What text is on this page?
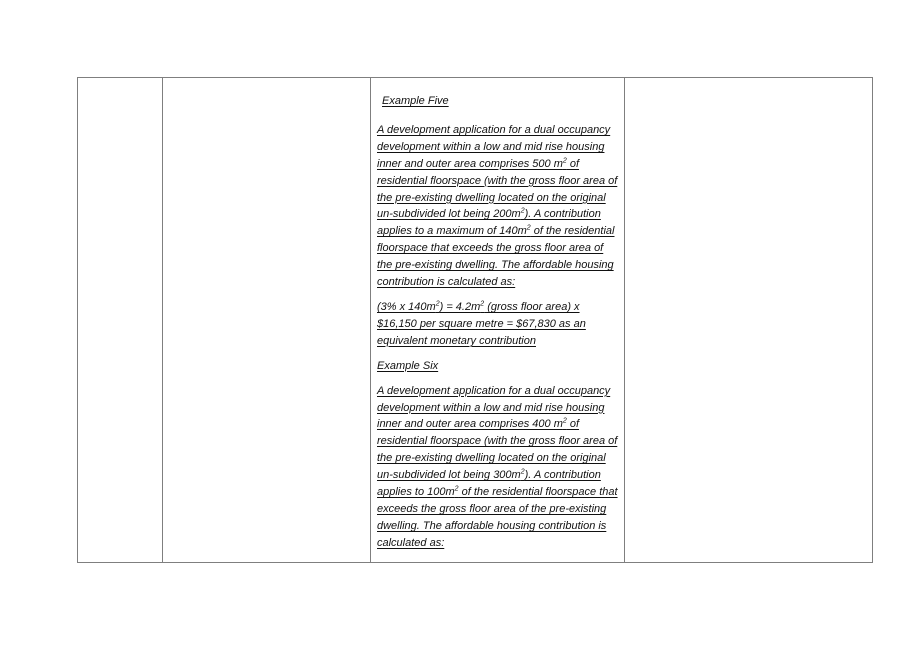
Example Five

A development application for a dual occupancy development within a low and mid rise housing inner and outer area comprises 500 $m^2$ of residential floorspace (with the gross floor area of the pre-existing dwelling located on the original un-subdivided lot being $200m^2$). A contribution applies to a maximum of $140m^2$ of the residential floorspace that exceeds the gross floor area of the pre-existing dwelling. The affordable housing contribution is calculated as:

(3% x $140m^2) = 4.2m^2$ (gross floor area) x $16,150 per square metre = $67,830 as an equivalent monetary contribution

Example Six

A development application for a dual occupancy development within a low and mid rise housing inner and outer area comprises 400 $m^2$ of residential floorspace (with the gross floor area of the pre-existing dwelling located on the original un-subdivided lot being $300m^2$). A contribution applies to $100m^2$ of the residential floorspace that exceeds the gross floor area of the pre-existing dwelling. The affordable housing contribution is calculated as:
